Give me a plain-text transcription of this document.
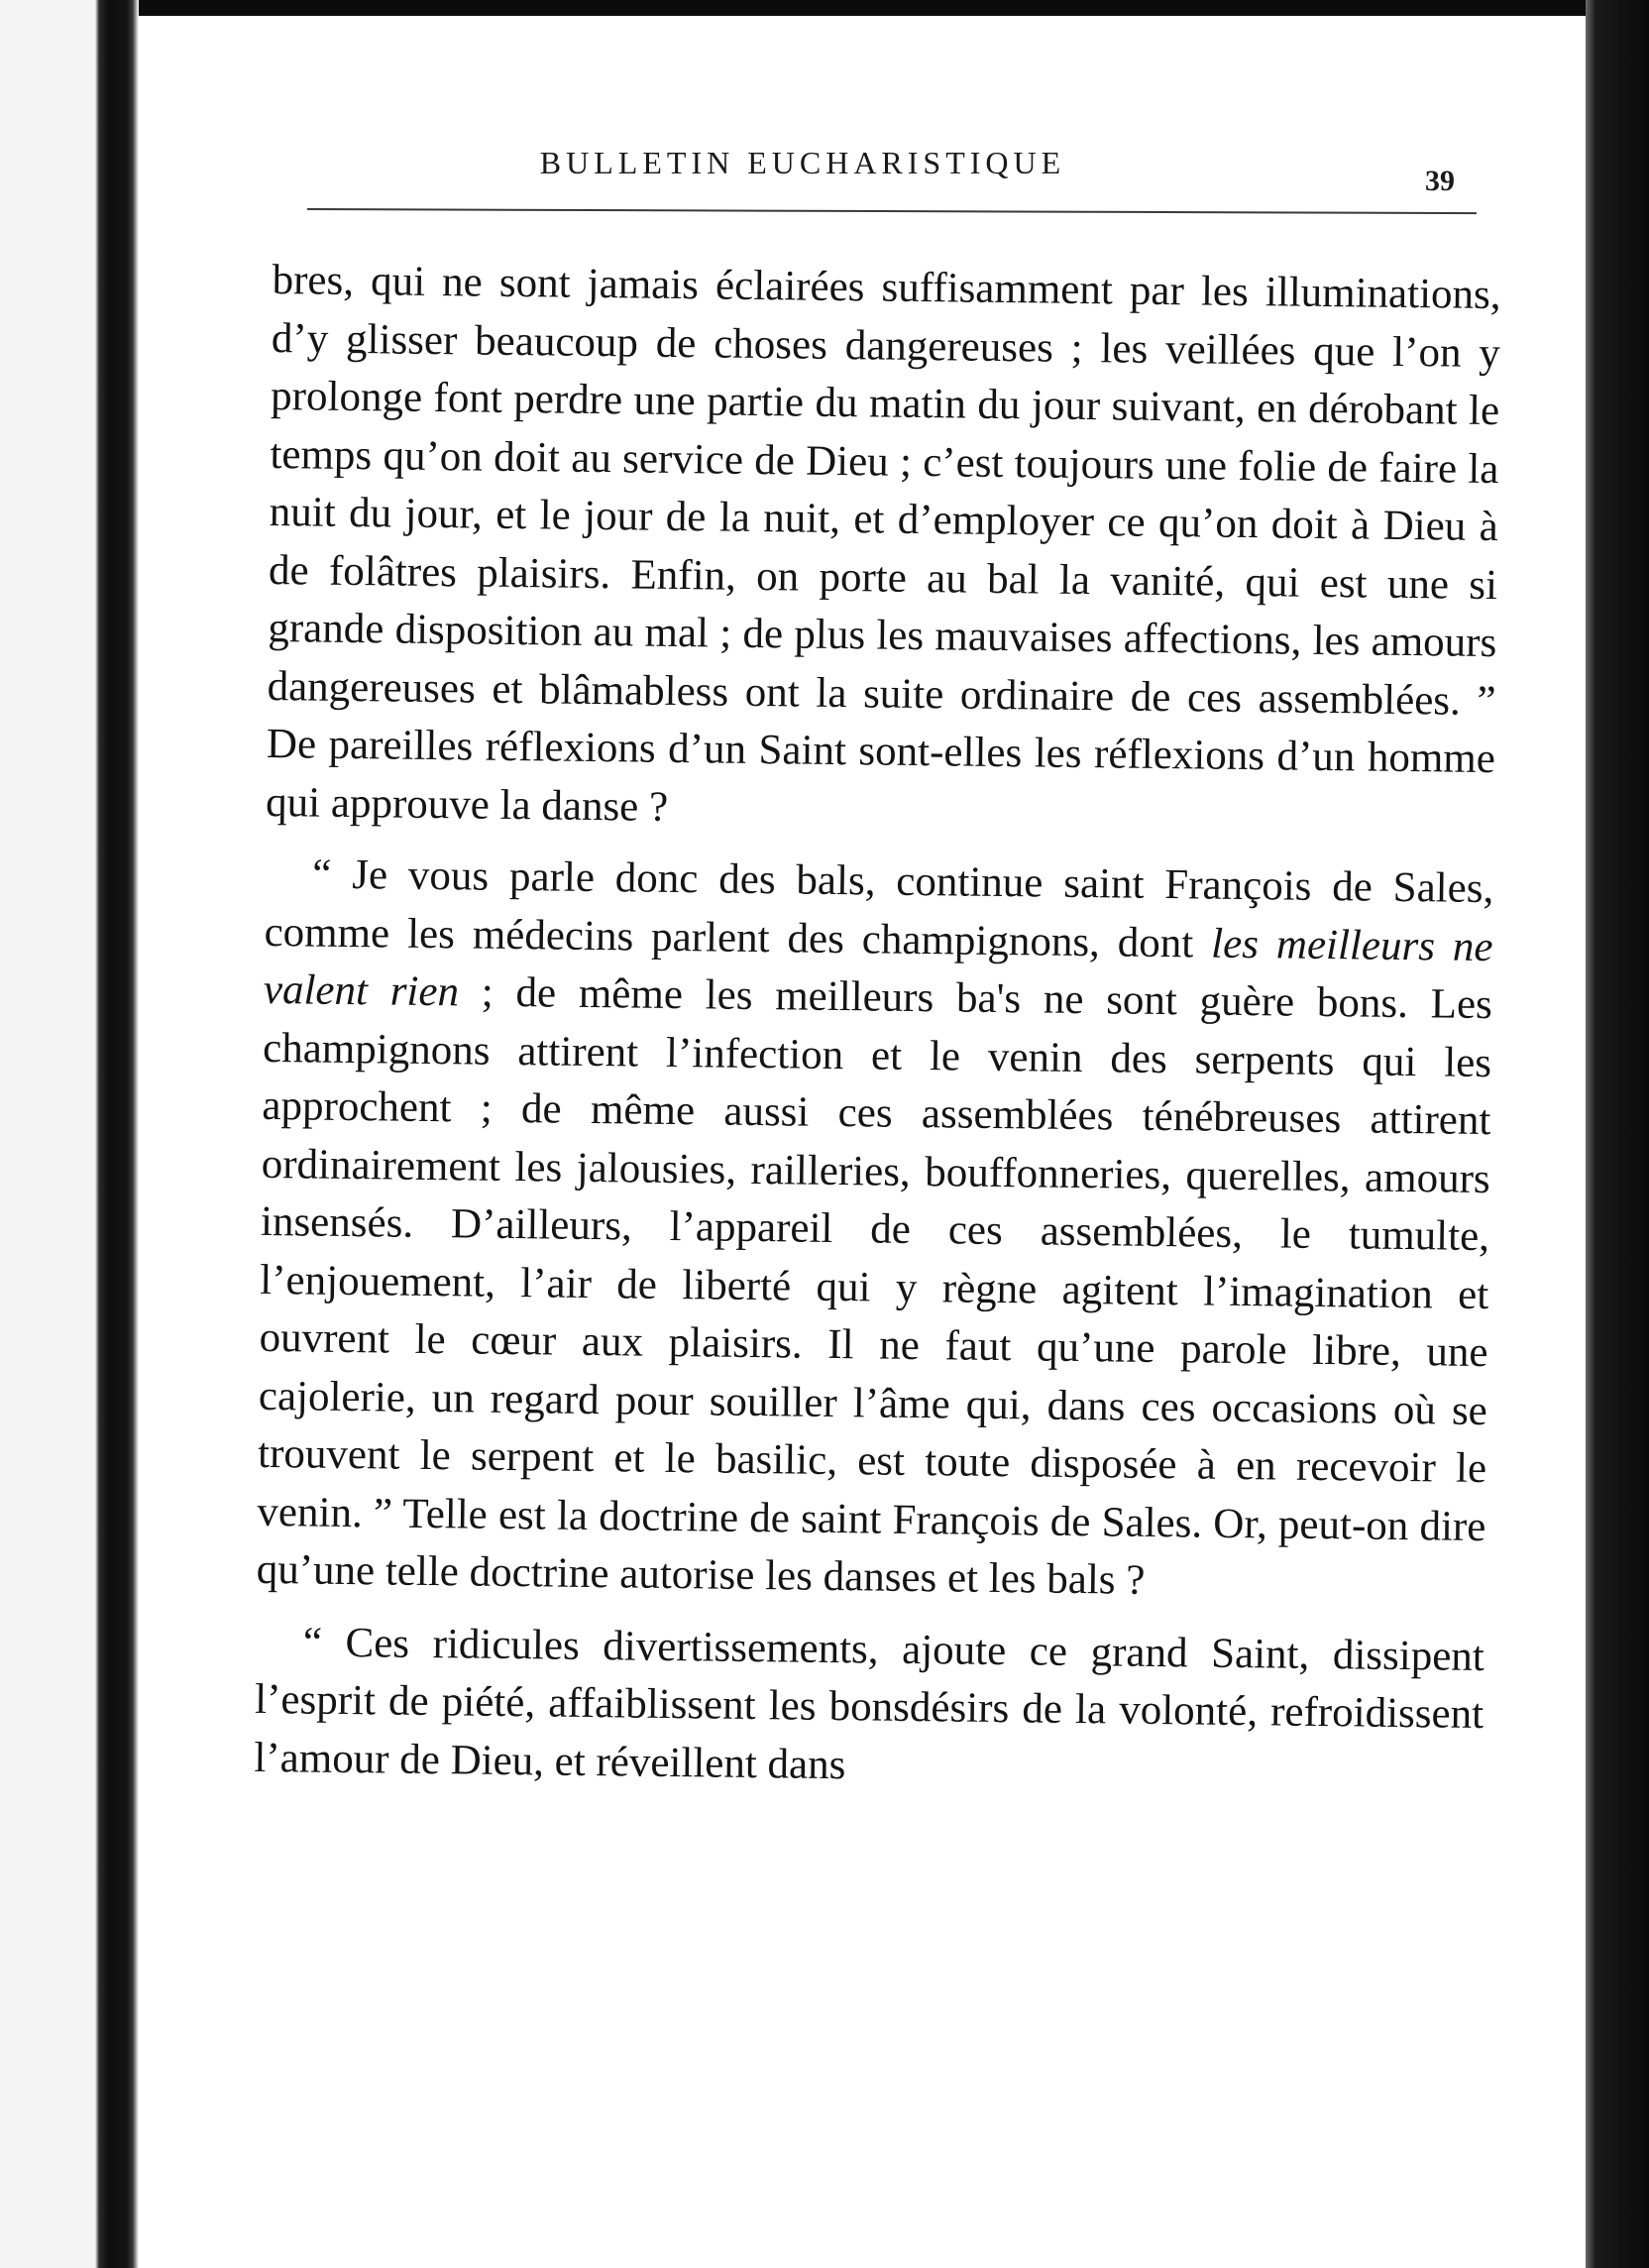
BULLETIN EUCHARISTIQUE
39

bres, qui ne sont jamais éclairées suffisamment par les illuminations, d’y glisser beaucoup de choses dangereuses ; les veillées que l’on y prolonge font perdre une partie du matin du jour suivant, en dérobant le temps qu’on doit au service de Dieu ; c’est toujours une folie de faire la nuit du jour, et le jour de la nuit, et d’employer ce qu’on doit à Dieu à de folâtres plaisirs. Enfin, on porte au bal la vanité, qui est une si grande disposition au mal ; de plus les mauvaises affections, les amours dangereuses et blâmabless ont la suite ordinaire de ces assemblées. ” De pareilles réflexions d’un Saint sont-elles les réflexions d’un homme qui approuve la danse ?

“ Je vous parle donc des bals, continue saint François de Sales, comme les médecins parlent des champignons, dont les meilleurs ne valent rien ; de même les meilleurs ba's ne sont guère bons. Les champignons attirent l’infection et le venin des serpents qui les approchent ; de même aussi ces assemblées ténébreuses attirent ordinairement les jalousies, railleries, bouffonneries, querelles, amours insensés. D’ailleurs, l’appareil de ces assemblées, le tumulte, l’enjouement, l’air de liberté qui y règne agitent l’imagination et ouvrent le cœur aux plaisirs. Il ne faut qu’une parole libre, une cajolerie, un regard pour souiller l’âme qui, dans ces occasions où se trouvent le serpent et le basilic, est toute disposée à en recevoir le venin. ” Telle est la doctrine de saint François de Sales. Or, peut-on dire qu’une telle doctrine autorise les danses et les bals ?

“ Ces ridicules divertissements, ajoute ce grand Saint, dissipent l’esprit de piété, affaiblissent les bonsdésirs de la volonté, refroidissent l’amour de Dieu, et réveillent dans
